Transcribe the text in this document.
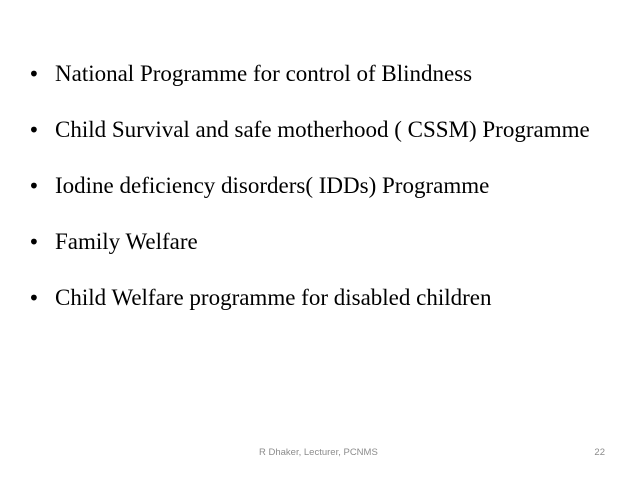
• National Programme for control of Blindness
• Child Survival and safe motherhood ( CSSM) Programme
• Iodine deficiency disorders( IDDs) Programme
• Family Welfare
• Child Welfare programme for disabled children
R Dhaker, Lecturer, PCNMS	22
